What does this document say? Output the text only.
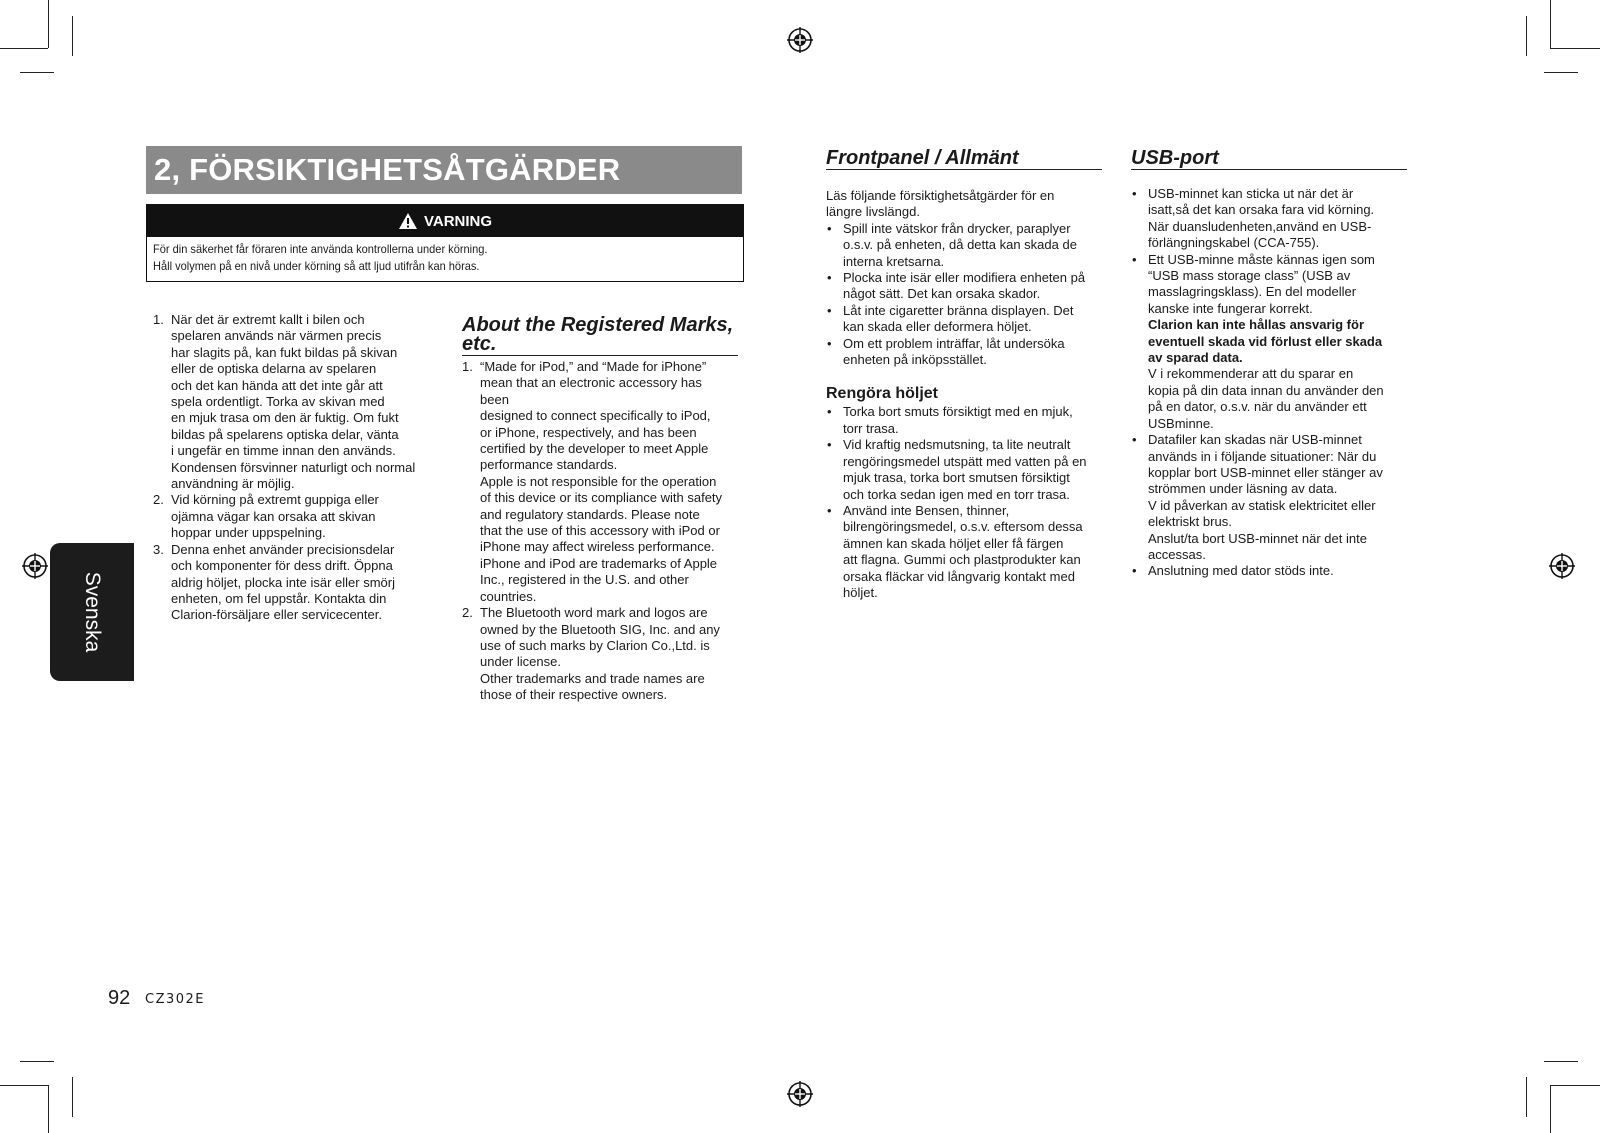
2, FÖRSIKTIGHETSÅTGÄRDER
VARNING
För din säkerhet får föraren inte använda kontrollerna under körning.
Håll volymen på en nivå under körning så att ljud utifrån kan höras.
1. När det är extremt kallt i bilen och
spelaren används när värmen precis
har slagits på, kan fukt bildas på skivan
eller de optiska delarna av spelaren
och det kan hända att det inte går att
spela ordentligt. Torka av skivan med
en mjuk trasa om den är fuktig. Om fukt
bildas på spelarens optiska delar, vänta
i ungefär en timme innan den används.
Kondensen försvinner naturligt och normal
användning är möjlig.
2. Vid körning på extremt guppiga eller
ojämna vägar kan orsaka att skivan
hoppar under uppspelning.
3. Denna enhet använder precisionsdelar
och komponenter för dess drift. Öppna
aldrig höljet, plocka inte isär eller smörj
enheten, om fel uppstår. Kontakta din
Clarion-försäljare eller servicecenter.
About the Registered Marks,
etc.
1. “Made for iPod,” and “Made for iPhone”
mean that an electronic accessory has
been
designed to connect specifically to iPod,
or iPhone, respectively, and has been
certified by the developer to meet Apple
performance standards.
Apple is not responsible for the operation
of this device or its compliance with safety
and regulatory standards. Please note
that the use of this accessory with iPod or
iPhone may affect wireless performance.
iPhone and iPod are trademarks of Apple
Inc., registered in the U.S. and other
countries.
2. The Bluetooth word mark and logos are
owned by the Bluetooth SIG, Inc. and any
use of such marks by Clarion Co.,Ltd. is
under license.
Other trademarks and trade names are
those of their respective owners.
Frontpanel / Allmänt
Läs följande försiktighetsåtgärder för en
längre livslängd.
• Spill inte vätskor från drycker, paraplyer
o.s.v. på enheten, då detta kan skada de
interna kretsarna.
• Plocka inte isär eller modifiera enheten på
något sätt. Det kan orsaka skador.
• Låt inte cigaretter bränna displayen. Det
kan skada eller deformera höljet.
• Om ett problem inträffar, låt undersöka
enheten på inköpsstället.
Rengöra höljet
• Torka bort smuts försiktigt med en mjuk,
torr trasa.
• Vid kraftig nedsmutsning, ta lite neutralt
rengöringsmedel utspätt med vatten på en
mjuk trasa, torka bort smutsen försiktigt
och torka sedan igen med en torr trasa.
• Använd inte Bensen, thinner,
bilrengöringsmedel, o.s.v. eftersom dessa
ämnen kan skada höljet eller få färgen
att flagna. Gummi och plastprodukter kan
orsaka fläckar vid långvarig kontakt med
höljet.
USB-port
• USB-minnet kan sticka ut när det är
isatt,så det kan orsaka fara vid körning.
När duansludenheten,använd en USB-
förlängningskabel (CCA-755).
• Ett USB-minne måste kännas igen som
“USB mass storage class” (USB av
masslagringsklass). En del modeller
kanske inte fungerar korrekt.
Clarion kan inte hållas ansvarig för
eventuell skada vid förlust eller skada
av sparad data.
V i rekommenderar att du sparar en
kopia på din data innan du använder den
på en dator, o.s.v. när du använder ett
USBminne.
• Datafiler kan skadas när USB-minnet
används in i följande situationer: När du
kopplar bort USB-minnet eller stänger av
strömmen under läsning av data.
V id påverkan av statisk elektricitet eller
elektriskt brus.
Anslut/ta bort USB-minnet när det inte
accessas.
• Anslutning med dator stöds inte.
Svenska
92 CZ302E
